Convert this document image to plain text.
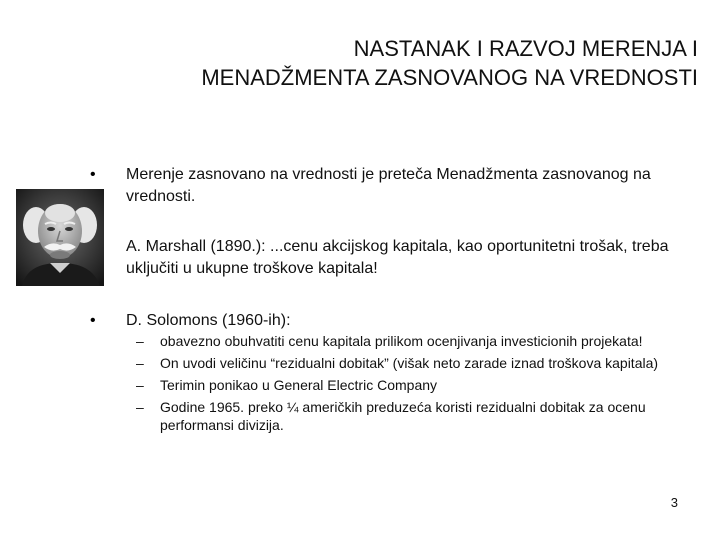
NASTANAK I RAZVOJ MERENJA I
MENADŽMENTA ZASNOVANOG NA VREDNOSTI
• Merenje zasnovano na vrednosti je preteča Menadžmenta zasnovanog na vrednosti.
A. Marshall (1890.): ...cenu akcijskog kapitala, kao oportunitetni trošak, treba uključiti u ukupne troškove kapitala!
• D. Solomons (1960-ih):
– obavezno obuhvatiti cenu kapitala prilikom ocenjivanja investicionih projekata!
– On uvodi veličinu “rezidualni dobitak” (višak neto zarade iznad troškova kapitala)
– Terimin ponikao u General Electric Company
– Godine 1965. preko ¼ američkih preduzeća koristi rezidualni dobitak za ocenu performansi divizija.
3
